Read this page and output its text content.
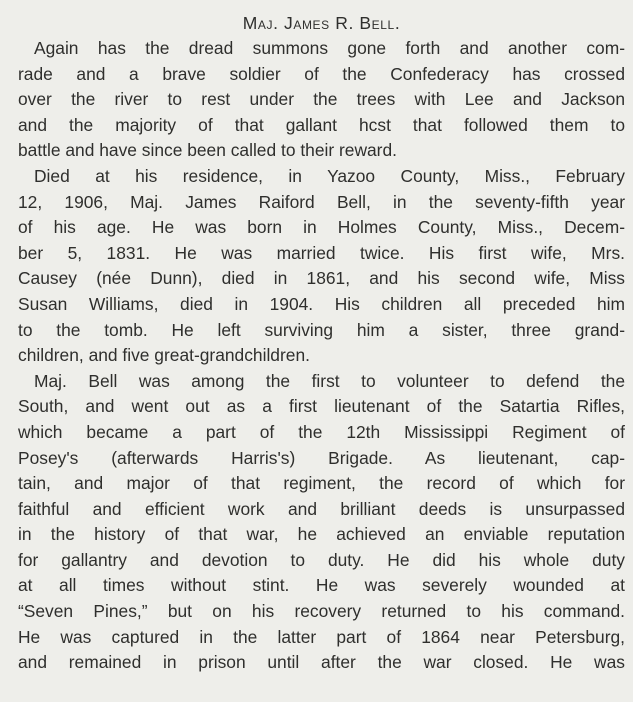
Maj. James R. Bell.

Again has the dread summons gone forth and another com-
rade and a brave soldier of the Confederacy has crossed
over the river to rest under the trees with Lee and Jackson
and the majority of that gallant hcst that followed them to
battle and have since been called to their reward.

Died at his residence, in Yazoo County, Miss., February
12, 1906, Maj. James Raiford Bell, in the seventy-fifth year
of his age. He was born in Holmes County, Miss., Decem-
ber 5, 1831. He was married twice. His first wife, Mrs.
Causey (née Dunn), died in 1861, and his second wife, Miss
Susan Williams, died in 1904. His children all preceded him
to the tomb. He left surviving him a sister, three grand-
children, and five great-grandchildren.

Maj. Bell was among the first to volunteer to defend the
South, and went out as a first lieutenant of the Satartia Rifles,
which became a part of the 12th Mississippi Regiment of
Posey's (afterwards Harris's) Brigade. As lieutenant, cap-
tain, and major of that regiment, the record of which for
faithful and efficient work and brilliant deeds is unsurpassed
in the history of that war, he achieved an enviable reputation
for gallantry and devotion to duty. He did his whole duty
at all times without stint. He was severely wounded at
“Seven Pines,” but on his recovery returned to his command.
He was captured in the latter part of 1864 near Petersburg,
and remained in prison until after the war closed. He was
